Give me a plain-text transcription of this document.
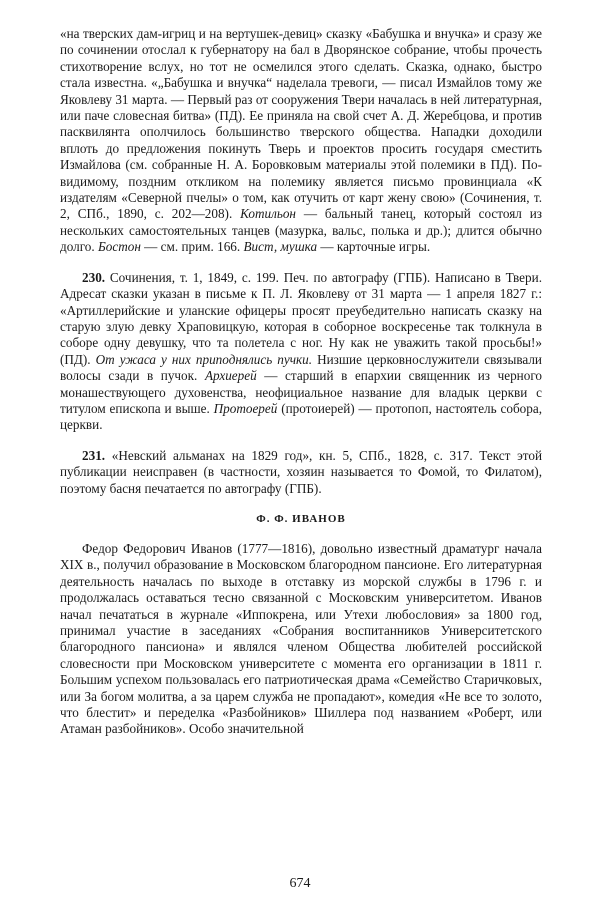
«на тверских дам-игриц и на вертушек-девиц» сказку «Бабушка и внучка» и сразу же по сочинении отослал к губернатору на бал в Дворянское собрание, чтобы прочесть стихотворение вслух, но тот не осмелился этого сделать. Сказка, однако, быстро стала известна. «„Бабушка и внучка“ наделала тревоги, — писал Измайлов тому же Яковлеву 31 марта. — Первый раз от сооружения Твери началась в ней литературная, или паче словесная битва» (ПД). Ее приняла на свой счет А. Д. Жеребцова, и против пасквилянта ополчилось большинство тверского общества. Нападки доходили вплоть до предложения покинуть Тверь и проектов просить государя сместить Измайлова (см. собранные Н. А. Боровковым материалы этой полемики в ПД). По-видимому, поздним откликом на полемику является письмо провинциала «К издателям «Северной пчелы» о том, как отучить от карт жену свою» (Сочинения, т. 2, СПб., 1890, с. 202—208). Котильон — бальный танец, который состоял из нескольких самостоятельных танцев (мазурка, вальс, полька и др.); длится обычно долго. Бостон — см. прим. 166. Вист, мушка — карточные игры.

230. Сочинения, т. 1, 1849, с. 199. Печ. по автографу (ГПБ). Написано в Твери. Адресат сказки указан в письме к П. Л. Яковлеву от 31 марта — 1 апреля 1827 г.: «Артиллерийские и уланские офицеры просят преубедительно написать сказку на старую злую девку Храповицкую, которая в соборное воскресенье так толкнула в соборе одну девушку, что та полетела с ног. Ну как не уважить такой просьбы!» (ПД). От ужаса у них приподнялись пучки. Низшие церковнослужители связывали волосы сзади в пучок. Архиерей — старший в епархии священник из черного монашествующего духовенства, неофициальное название для владык церкви с титулом епископа и выше. Протоерей (протоиерей) — протопоп, настоятель собора, церкви.

231. «Невский альманах на 1829 год», кн. 5, СПб., 1828, с. 317. Текст этой публикации неисправен (в частности, хозяин называется то Фомой, то Филатом), поэтому басня печатается по автографу (ГПБ).

Ф. Ф. ИВАНОВ

Федор Федорович Иванов (1777—1816), довольно известный драматург начала XIX в., получил образование в Московском благородном пансионе. Его литературная деятельность началась по выходе в отставку из морской службы в 1796 г. и продолжалась оставаться тесно связанной с Московским университетом. Иванов начал печататься в журнале «Иппокрена, или Утехи любословия» за 1800 год, принимал участие в заседаниях «Собрания воспитанников Университетского благородного пансиона» и являлся членом Общества любителей российской словесности при Московском университете с момента его организации в 1811 г. Большим успехом пользовалась его патриотическая драма «Семейство Старичковых, или За богом молитва, а за царем служба не пропадают», комедия «Не все то золото, что блестит» и переделка «Разбойников» Шиллера под названием «Роберт, или Атаман разбойников». Особо значительной

674
